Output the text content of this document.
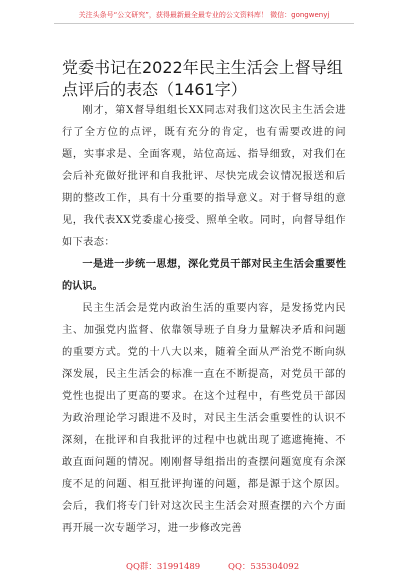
关注头条号“公文研究”，获得最新最全最专业的公文资料库！ 微信：gongwenyj
党委书记在2022年民主生活会上督导组点评后的表态（1461字）

刚才，第X督导组组长XX同志对我们这次民主生活会进行了全方位的点评，既有充分的肯定，也有需要改进的问题，实事求是、全面客观，站位高远、指导细致，对我们在会后补充做好批评和自我批评、尽快完成会议情况报送和后期的整改工作，具有十分重要的指导意义。对于督导组的意见，我代表XX党委虚心接受、照单全收。同时，向督导组作如下表态：

一是进一步统一思想，深化党员干部对民主生活会重要性的认识。

民主生活会是党内政治生活的重要内容，是发扬党内民主、加强党内监督、依靠领导班子自身力量解决矛盾和问题的重要方式。党的十八大以来，随着全面从严治党不断向纵深发展，民主生活会的标准一直在不断提高，对党员干部的党性也提出了更高的要求。在这个过程中，有些党员干部因为政治理论学习跟进不及时，对民主生活会重要性的认识不深刻，在批评和自我批评的过程中也就出现了遮遮掩掩、不敢直面问题的情况。刚刚督导组指出的查摆问题宽度有余深度不足的问题、相互批评拘谨的问题，都是源于这个原因。会后，我们将专门针对这次民主生活会对照查摆的六个方面再开展一次专题学习，进一步修改完善

QQ群：31991489	QQ：535304092
